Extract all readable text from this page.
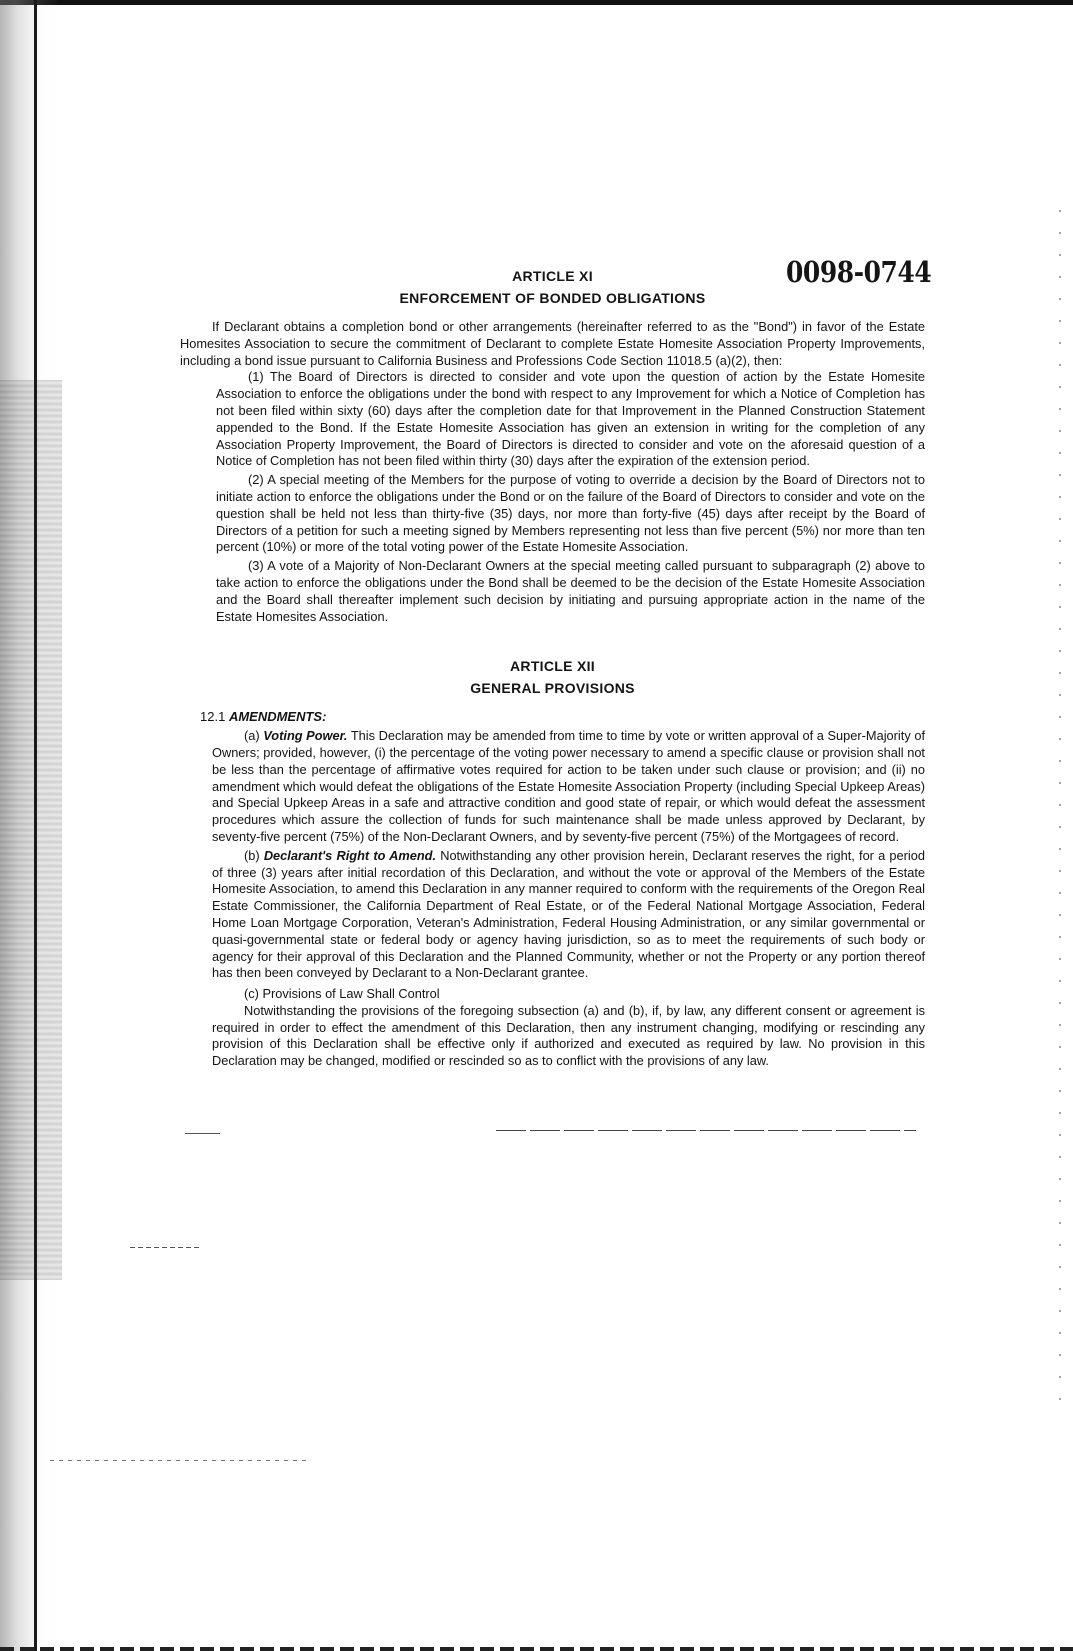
0098-0744
ARTICLE XI
ENFORCEMENT OF BONDED OBLIGATIONS

If Declarant obtains a completion bond or other arrangements (hereinafter referred to as the "Bond") in favor of the Estate Homesites Association to secure the commitment of Declarant to complete Estate Homesite Association Property Improvements, including a bond issue pursuant to California Business and Professions Code Section 11018.5 (a)(2), then:

(1) The Board of Directors is directed to consider and vote upon the question of action by the Estate Homesite Association to enforce the obligations under the bond with respect to any Improvement for which a Notice of Completion has not been filed within sixty (60) days after the completion date for that Improvement in the Planned Construction Statement appended to the Bond. If the Estate Homesite Association has given an extension in writing for the completion of any Association Property Improvement, the Board of Directors is directed to consider and vote on the aforesaid question of a Notice of Completion has not been filed within thirty (30) days after the expiration of the extension period.

(2) A special meeting of the Members for the purpose of voting to override a decision by the Board of Directors not to initiate action to enforce the obligations under the Bond or on the failure of the Board of Directors to consider and vote on the question shall be held not less than thirty-five (35) days, nor more than forty-five (45) days after receipt by the Board of Directors of a petition for such a meeting signed by Members representing not less than five percent (5%) nor more than ten percent (10%) or more of the total voting power of the Estate Homesite Association.

(3) A vote of a Majority of Non-Declarant Owners at the special meeting called pursuant to subparagraph (2) above to take action to enforce the obligations under the Bond shall be deemed to be the decision of the Estate Homesite Association and the Board shall thereafter implement such decision by initiating and pursuing appropriate action in the name of the Estate Homesites Association.

ARTICLE XII
GENERAL PROVISIONS
12.1 AMENDMENTS:

(a) Voting Power. This Declaration may be amended from time to time by vote or written approval of a Super-Majority of Owners; provided, however, (i) the percentage of the voting power necessary to amend a specific clause or provision shall not be less than the percentage of affirmative votes required for action to be taken under such clause or provision; and (ii) no amendment which would defeat the obligations of the Estate Homesite Association Property (including Special Upkeep Areas) and Special Upkeep Areas in a safe and attractive condition and good state of repair, or which would defeat the assessment procedures which assure the collection of funds for such maintenance shall be made unless approved by Declarant, by seventy-five percent (75%) of the Non-Declarant Owners, and by seventy-five percent (75%) of the Mortgagees of record.

(b) Declarant's Right to Amend. Notwithstanding any other provision herein, Declarant reserves the right, for a period of three (3) years after initial recordation of this Declaration, and without the vote or approval of the Members of the Estate Homesite Association, to amend this Declaration in any manner required to conform with the requirements of the Oregon Real Estate Commissioner, the California Department of Real Estate, or of the Federal National Mortgage Association, Federal Home Loan Mortgage Corporation, Veteran's Administration, Federal Housing Administration, or any similar governmental or quasi-governmental state or federal body or agency having jurisdiction, so as to meet the requirements of such body or agency for their approval of this Declaration and the Planned Community, whether or not the Property or any portion thereof has then been conveyed by Declarant to a Non-Declarant grantee.

(c) Provisions of Law Shall Control

Notwithstanding the provisions of the foregoing subsection (a) and (b), if, by law, any different consent or agreement is required in order to effect the amendment of this Declaration, then any instrument changing, modifying or rescinding any provision of this Declaration shall be effective only if authorized and executed as required by law. No provision in this Declaration may be changed, modified or rescinded so as to conflict with the provisions of any law.
